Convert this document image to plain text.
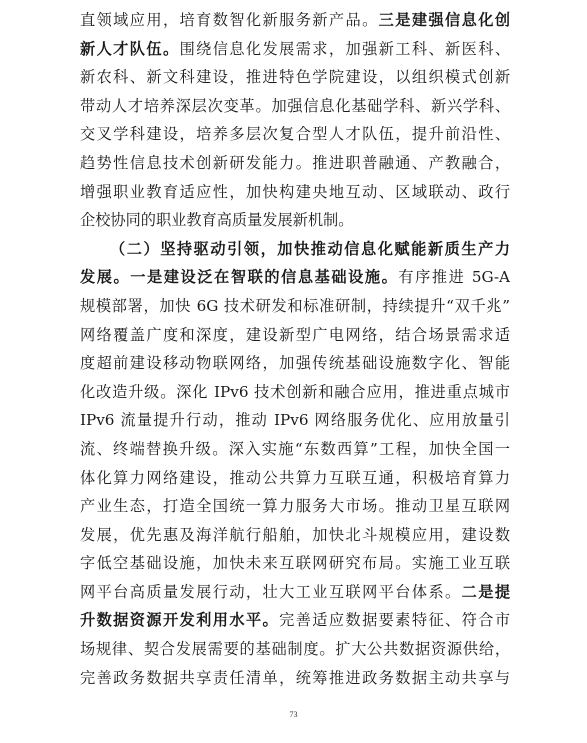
直领域应用，培育数智化新服务新产品。三是建强信息化创
新人才队伍。围绕信息化发展需求，加强新工科、新医科、
新农科、新文科建设，推进特色学院建设，以组织模式创新
带动人才培养深层次变革。加强信息化基础学科、新兴学科、
交叉学科建设，培养多层次复合型人才队伍，提升前沿性、
趋势性信息技术创新研发能力。推进职普融通、产教融合，
增强职业教育适应性，加快构建央地互动、区域联动、政行
企校协同的职业教育高质量发展新机制。
（二）坚持驱动引领，加快推动信息化赋能新质生产力
发展。一是建设泛在智联的信息基础设施。有序推进 5G-A
规模部署，加快 6G 技术研发和标准研制，持续提升“双千兆”
网络覆盖广度和深度，建设新型广电网络，结合场景需求适
度超前建设移动物联网络，加强传统基础设施数字化、智能
化改造升级。深化 IPv6 技术创新和融合应用，推进重点城市
IPv6 流量提升行动，推动 IPv6 网络服务优化、应用放量引
流、终端替换升级。深入实施“东数西算”工程，加快全国一
体化算力网络建设，推动公共算力互联互通，积极培育算力
产业生态，打造全国统一算力服务大市场。推动卫星互联网
发展，优先惠及海洋航行船舶，加快北斗规模应用，建设数
字低空基础设施，加快未来互联网研究布局。实施工业互联
网平台高质量发展行动，壮大工业互联网平台体系。二是提
升数据资源开发利用水平。完善适应数据要素特征、符合市
场规律、契合发展需要的基础制度。扩大公共数据资源供给，
完善政务数据共享责任清单，统筹推进政务数据主动共享与
73
